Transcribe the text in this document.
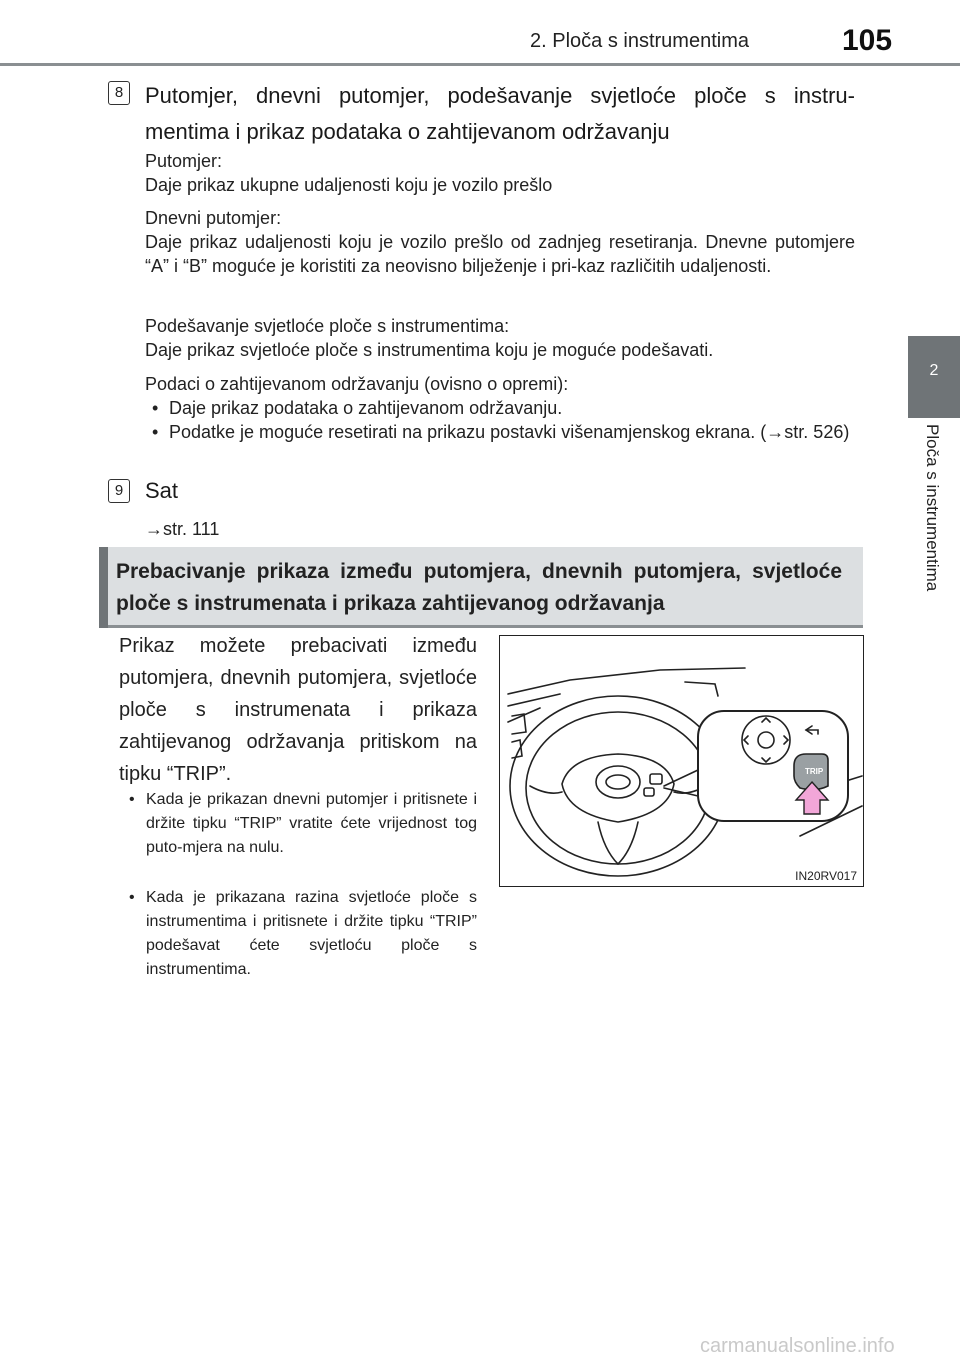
2. Ploča s instrumentima	105
2
Ploča s instrumentima
8 Putomjer, dnevni putomjer, podešavanje svjetloće ploče s instru-mentima i prikaz podataka o zahtijevanom održavanju
Putomjer:
Daje prikaz ukupne udaljenosti koju je vozilo prešlo
Dnevni putomjer:
Daje prikaz udaljenosti koju je vozilo prešlo od zadnjeg resetiranja. Dnevne putomjere “A” i “B” moguće je koristiti za neovisno bilježenje i pri-kaz različitih udaljenosti.
Podešavanje svjetloće ploče s instrumentima:
Daje prikaz svjetloće ploče s instrumentima koju je moguće podešavati.
Podaci o zahtijevanom održavanju (ovisno o opremi):
• Daje prikaz podataka o zahtijevanom održavanju.
• Podatke je moguće resetirati na prikazu postavki višenamjenskog ekrana. (→str. 526)
9 Sat
→str. 111
Prebacivanje prikaza između putomjera, dnevnih putomjera, svjetloće ploče s instrumenata i prikaza zahtijevanog održavanja
Prikaz možete prebacivati između putomjera, dnevnih putomjera, svjetloće ploče s instrumenata i prikaza zahtijevanog održavanja pritiskom na tipku “TRIP”.
• Kada je prikazan dnevni putomjer i pritisnete i držite tipku “TRIP” vratite ćete vrijednost tog puto-mjera na nulu.
• Kada je prikazana razina svjetloće ploče s instrumentima i pritisnete i držite tipku “TRIP” podešavat ćete svjetloću ploče s instrumentima.
TRIP
IN20RV017
carmanualsonline.info
